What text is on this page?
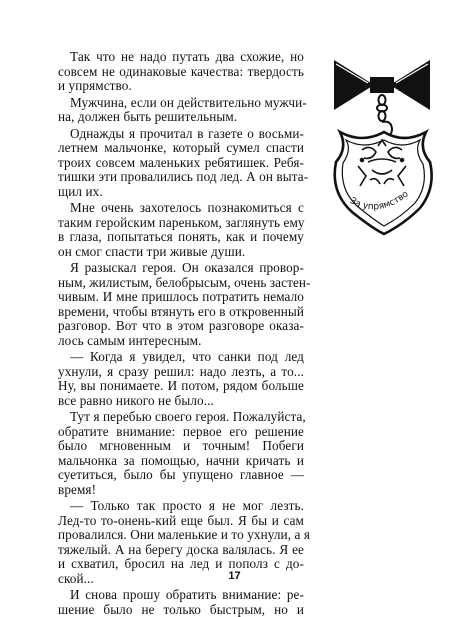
Так что не надо путать два схожие, но
совсем не одинаковые качества: твердость
и упрямство.
Мужчина, если он действительно мужчи-
на, должен быть решительным.
Однажды я прочитал в газете о восьми-
летнем мальчонке, который сумел спасти
троих совсем маленьких ребятишек. Ребя-
тишки эти провалились под лед. А он выта-
щил их.
Мне очень захотелось познакомиться с
таким геройским пареньком, заглянуть ему
в глаза, попытаться понять, как и почему
он смог спасти три живые души.
Я разыскал героя. Он оказался провор-
ным, жилистым, белобрысым, очень застен-
чивым. И мне пришлось потратить немало
времени, чтобы втянуть его в откровенный
разговор. Вот что в этом разговоре оказа-
лось самым интересным.
— Когда я увидел, что санки под лед
ухнули, я сразу решил: надо лезть, а то...
Ну, вы понимаете. И потом, рядом больше
все равно никого не было...
Тут я перебью своего героя. Пожалуйста,
обратите внимание: первое его решение
было мгновенным и точным! Побеги
мальчонка за помощью, начни кричать и
суетиться, было бы упущено главное —
время!
— Только так просто я не мог лезть.
Лед-то то-онень-кий еще был. Я бы и сам
провалился. Они маленькие и то ухнули, а я
тяжелый. А на берегу доска валялась. Я ее
и схватил, бросил на лед и пополз с до-
ской...
И снова прошу обратить внимание: ре-
шение было не только быстрым, но и
За упрямство
17
